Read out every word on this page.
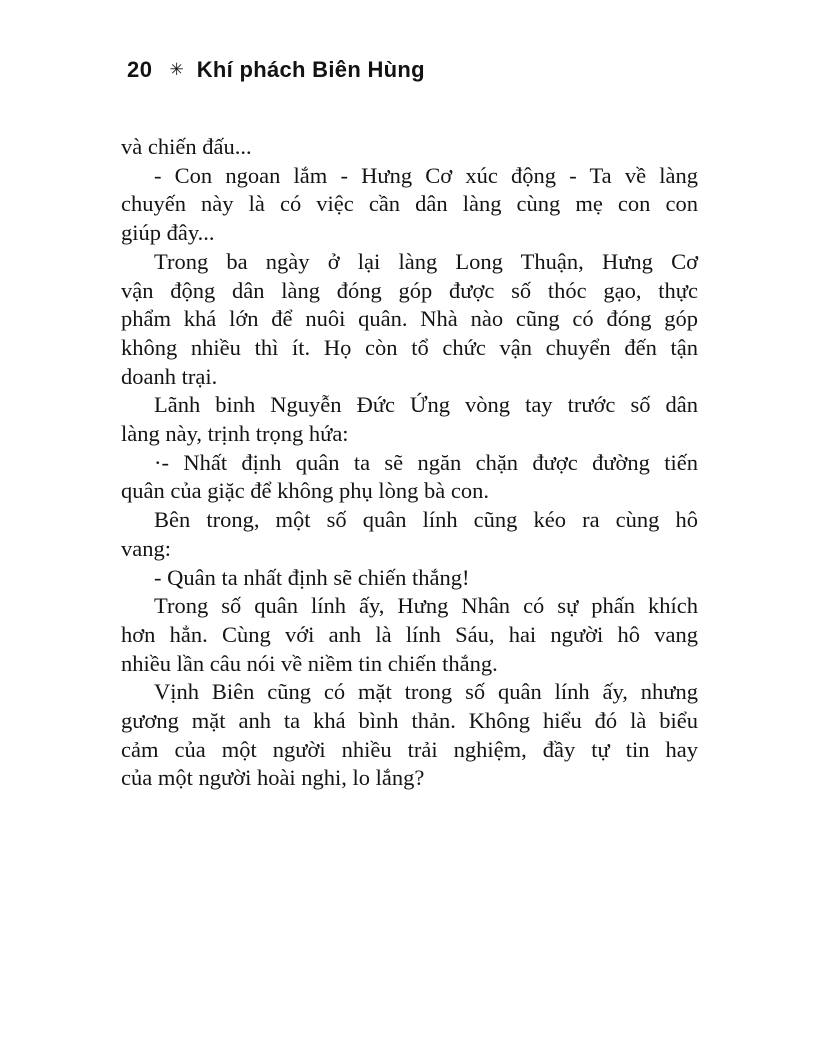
20 ✳ Khí phách Biên Hùng
và chiến đấu...
- Con ngoan lắm - Hưng Cơ xúc động - Ta về làng
chuyến này là có việc cần dân làng cùng mẹ con con
giúp đây...
Trong ba ngày ở lại làng Long Thuận, Hưng Cơ
vận động dân làng đóng góp được số thóc gạo, thực
phẩm khá lớn để nuôi quân. Nhà nào cũng có đóng góp
không nhiều thì ít. Họ còn tổ chức vận chuyển đến tận
doanh trại.
Lãnh binh Nguyễn Đức Ứng vòng tay trước số dân
làng này, trịnh trọng hứa:
·- Nhất định quân ta sẽ ngăn chặn được đường tiến
quân của giặc để không phụ lòng bà con.
Bên trong, một số quân lính cũng kéo ra cùng hô
vang:
- Quân ta nhất định sẽ chiến thắng!
Trong số quân lính ấy, Hưng Nhân có sự phấn khích
hơn hẳn. Cùng với anh là lính Sáu, hai người hô vang
nhiều lần câu nói về niềm tin chiến thắng.
Vịnh Biên cũng có mặt trong số quân lính ấy, nhưng
gương mặt anh ta khá bình thản. Không hiểu đó là biểu
cảm của một người nhiều trải nghiệm, đầy tự tin hay
của một người hoài nghi, lo lắng?
